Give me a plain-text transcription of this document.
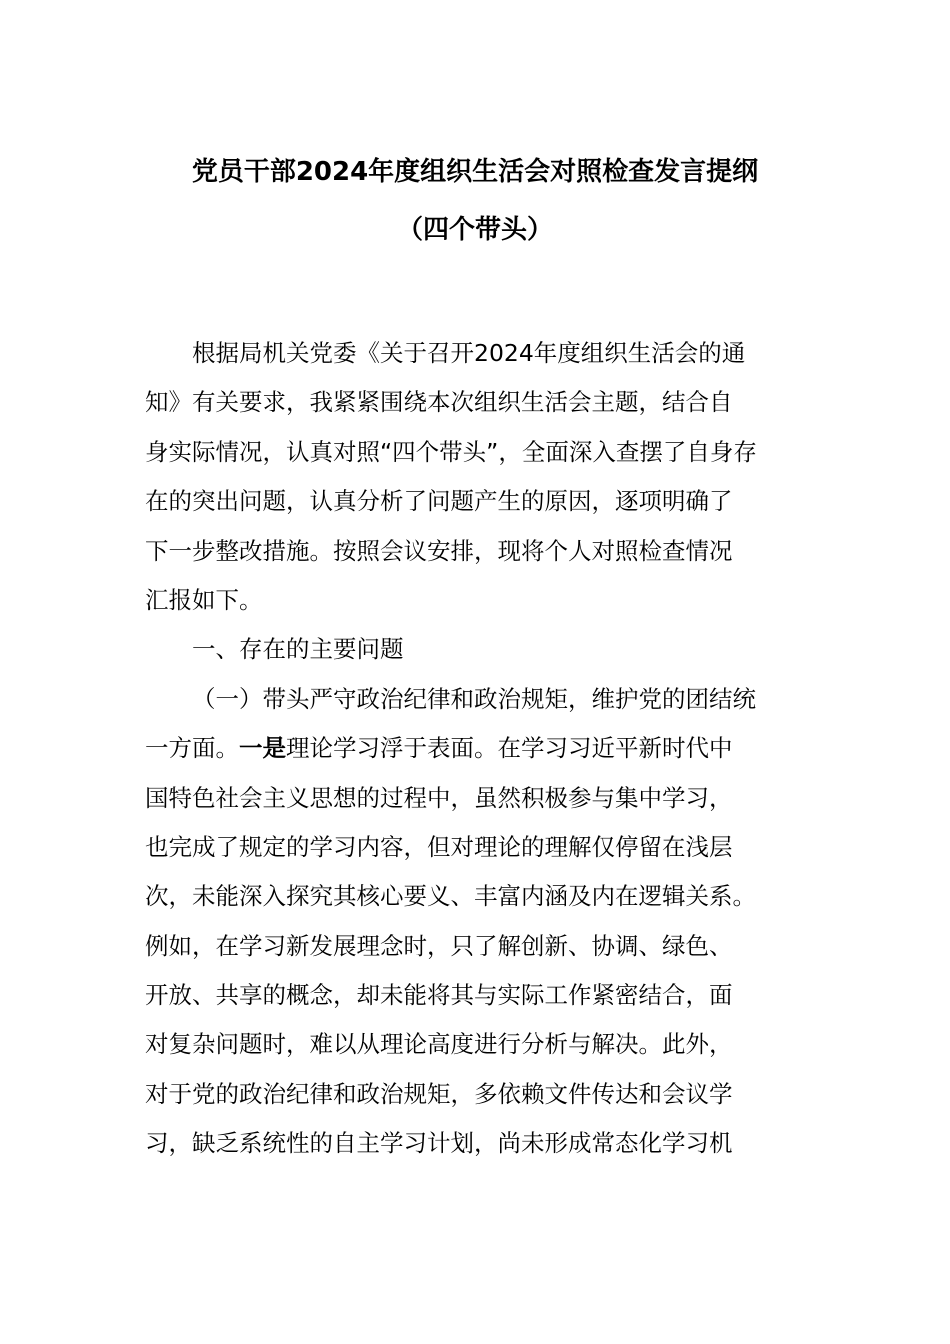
党员干部2024年度组织生活会对照检查发言提纲
（四个带头）
根据局机关党委《关于召开2024年度组织生活会的通
知》有关要求，我紧紧围绕本次组织生活会主题，结合自
身实际情况，认真对照“四个带头”，全面深入查摆了自身存
在的突出问题，认真分析了问题产生的原因，逐项明确了
下一步整改措施。按照会议安排，现将个人对照检查情况
汇报如下。
一、存在的主要问题
（一）带头严守政治纪律和政治规矩，维护党的团结统
一方面。一是理论学习浮于表面。在学习习近平新时代中
国特色社会主义思想的过程中，虽然积极参与集中学习，
也完成了规定的学习内容，但对理论的理解仅停留在浅层
次，未能深入探究其核心要义、丰富内涵及内在逻辑关系。
例如，在学习新发展理念时，只了解创新、协调、绿色、
开放、共享的概念，却未能将其与实际工作紧密结合，面
对复杂问题时，难以从理论高度进行分析与解决。此外，
对于党的政治纪律和政治规矩，多依赖文件传达和会议学
习，缺乏系统性的自主学习计划，尚未形成常态化学习机
